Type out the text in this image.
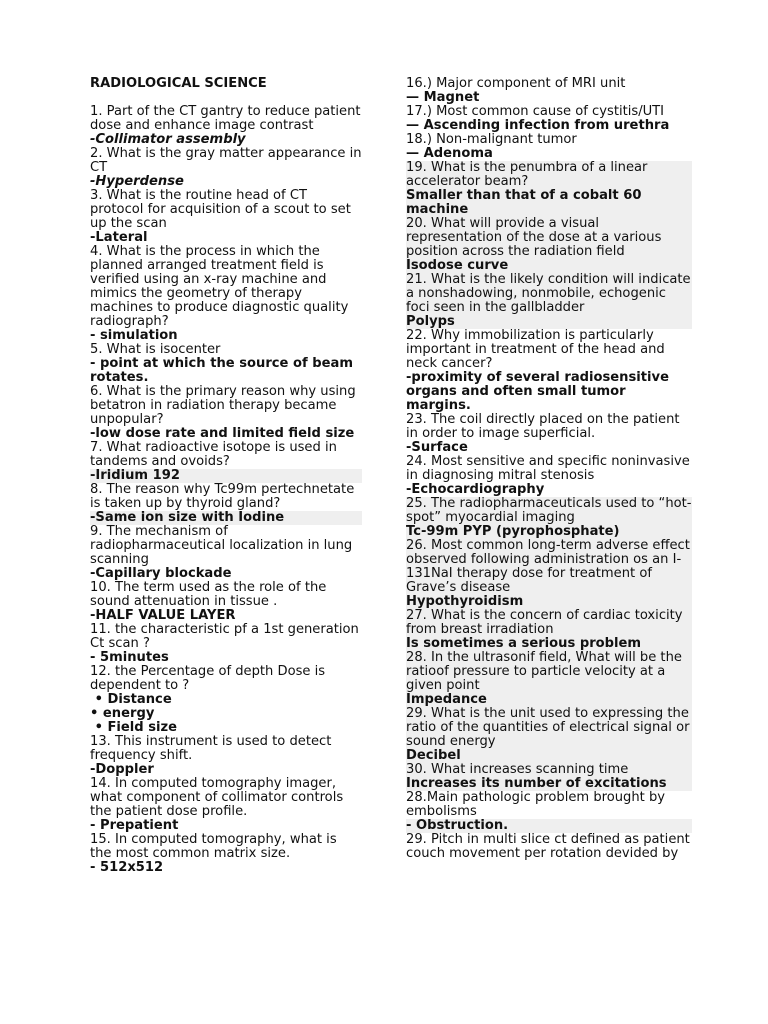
RADIOLOGICAL SCIENCE
1. Part of the CT gantry to reduce patient dose and enhance image contrast
-Collimator assembly
2. What is the gray matter appearance in CT
-Hyperdense
3. What is the routine head of CT protocol for acquisition of a scout to set up the scan
-Lateral
4. What is the process in which the planned arranged treatment field is verified using an x-ray machine and mimics the geometry of therapy machines to produce diagnostic quality radiograph?
- simulation
5. What is isocenter
- point at which the source of beam rotates.
6. What is the primary reason why using betatron in radiation therapy became unpopular?
-low dose rate and limited field size
7. What radioactive isotope is used in tandems and ovoids?
-Iridium 192
8. The reason why Tc99m pertechnetate is taken up by thyroid gland?
-Same ion size with Iodine
9. The mechanism of radiopharmaceutical localization in lung scanning
-Capillary blockade
10. The term used as the role of the sound attenuation in tissue .
-HALF VALUE LAYER
11. the characteristic pf a 1st generation Ct scan ?
- 5minutes
12. the Percentage of depth Dose is dependent to ?
• Distance
• energy
• Field size
13. This instrument is used to detect frequency shift.
-Doppler
14. In computed tomography imager, what component of collimator controls the patient dose profile.
- Prepatient
15. In computed tomography, what is the most common matrix size.
- 512x512
16.) Major component of MRI unit
— Magnet
17.) Most common cause of cystitis/UTI
— Ascending infection from urethra
18.) Non-malignant tumor
— Adenoma
19. What is the penumbra of a linear accelerator beam?
Smaller than that of a cobalt 60 machine
20. What will provide a visual representation of the dose at a various position across the radiation field
Isodose curve
21. What is the likely condition will indicate a nonshadowing, nonmobile, echogenic foci seen in the gallbladder
Polyps
22. Why immobilization is particularly important in treatment of the head and neck cancer?
-proximity of several radiosensitive organs and often small tumor margins.
23. The coil directly placed on the patient in order to image superficial.
-Surface
24. Most sensitive and specific noninvasive in diagnosing mitral stenosis
-Echocardiography
25. The radiopharmaceuticals used to “hot-spot” myocardial imaging
Tc-99m PYP (pyrophosphate)
26. Most common long-term adverse effect observed following administration os an I-131NaI therapy dose for treatment of Grave’s disease
Hypothyroidism
27. What is the concern of cardiac toxicity from breast irradiation
Is sometimes a serious problem
28. In the ultrasonif field, What will be the ratioof pressure to particle velocity at a given point
Impedance
29. What is the unit used to expressing the ratio of the quantities of electrical signal or sound energy
Decibel
30. What increases scanning time
Increases its number of excitations
28.Main pathologic problem brought by embolisms
- Obstruction.
29. Pitch in multi slice ct defined as patient couch movement per rotation devided by
